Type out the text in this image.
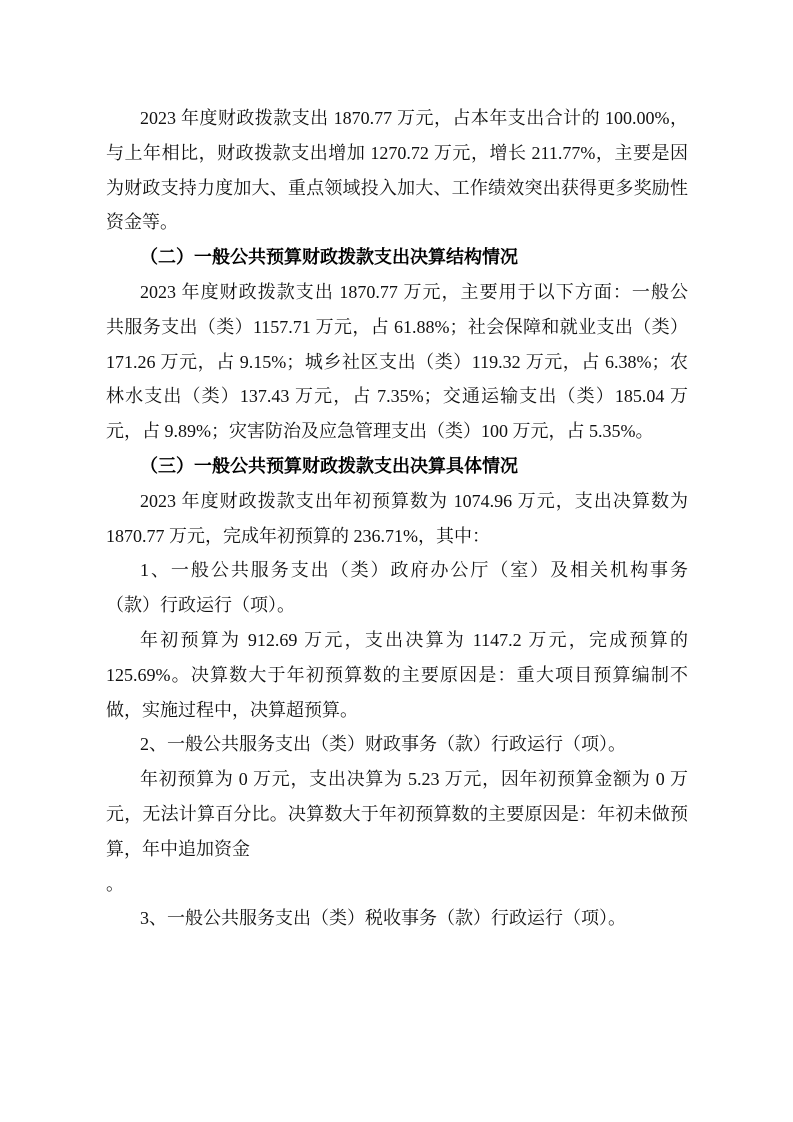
2023 年度财政拨款支出 1870.77 万元，占本年支出合计的 100.00%，
与上年相比，财政拨款支出增加 1270.72 万元，增长 211.77%，主要是因
为财政支持力度加大、重点领域投入加大、工作绩效突出获得更多奖励性
资金等。
（二）一般公共预算财政拨款支出决算结构情况
2023 年度财政拨款支出 1870.77 万元，主要用于以下方面：一般公
共服务支出（类）1157.71 万元，占 61.88%；社会保障和就业支出（类）
171.26 万元，占 9.15%；城乡社区支出（类）119.32 万元，占 6.38%；农
林水支出（类）137.43 万元，占 7.35%；交通运输支出（类）185.04 万
元，占 9.89%；灾害防治及应急管理支出（类）100 万元，占 5.35%。
（三）一般公共预算财政拨款支出决算具体情况
2023 年度财政拨款支出年初预算数为 1074.96 万元，支出决算数为
1870.77 万元，完成年初预算的 236.71%，其中：
1、一般公共服务支出（类）政府办公厅（室）及相关机构事务
（款）行政运行（项）。
年初预算为 912.69 万元，支出决算为 1147.2 万元，完成预算的
125.69%。决算数大于年初预算数的主要原因是：重大项目预算编制不
做，实施过程中，决算超预算。
2、一般公共服务支出（类）财政事务（款）行政运行（项）。
年初预算为 0 万元，支出决算为 5.23 万元，因年初预算金额为 0 万
元，无法计算百分比。决算数大于年初预算数的主要原因是：年初未做预
算，年中追加资金
。
3、一般公共服务支出（类）税收事务（款）行政运行（项）。
